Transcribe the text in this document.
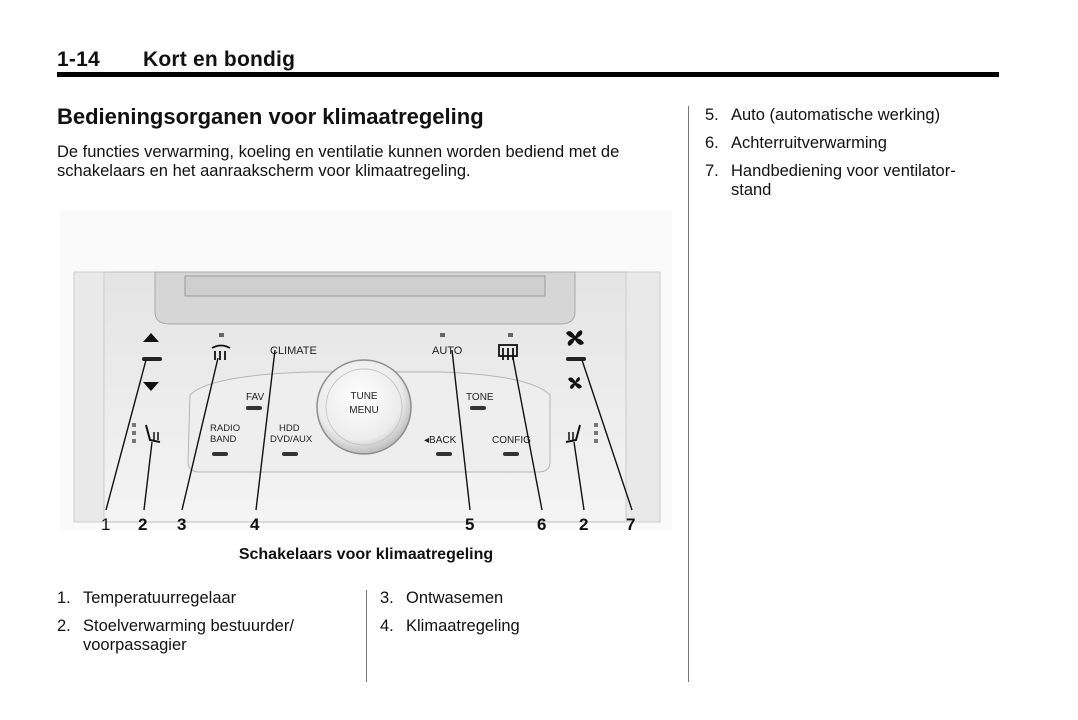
1-14 Kort en bondig
Bedieningsorganen voor klimaatregeling

De functies verwarming, koeling en ventilatie kunnen worden bediend met de schakelaars en het aanraakscherm voor klimaatregeling.

CLIMATE	AUTO
FAV	TONE
RADIO
BAND
HDD
DVD/AUX	◂BACK	CONFIG
TUNE
MENU
1 2 3	4	5	6 2 7
Schakelaars voor klimaatregeling
1. Temperatuurregelaar
2. Stoelverwarming bestuurder/ voorpassagier
3. Ontwasemen
4. Klimaatregeling
5. Auto (automatische werking)
6. Achterruitverwarming
7. Handbediening voor ventilator-stand
